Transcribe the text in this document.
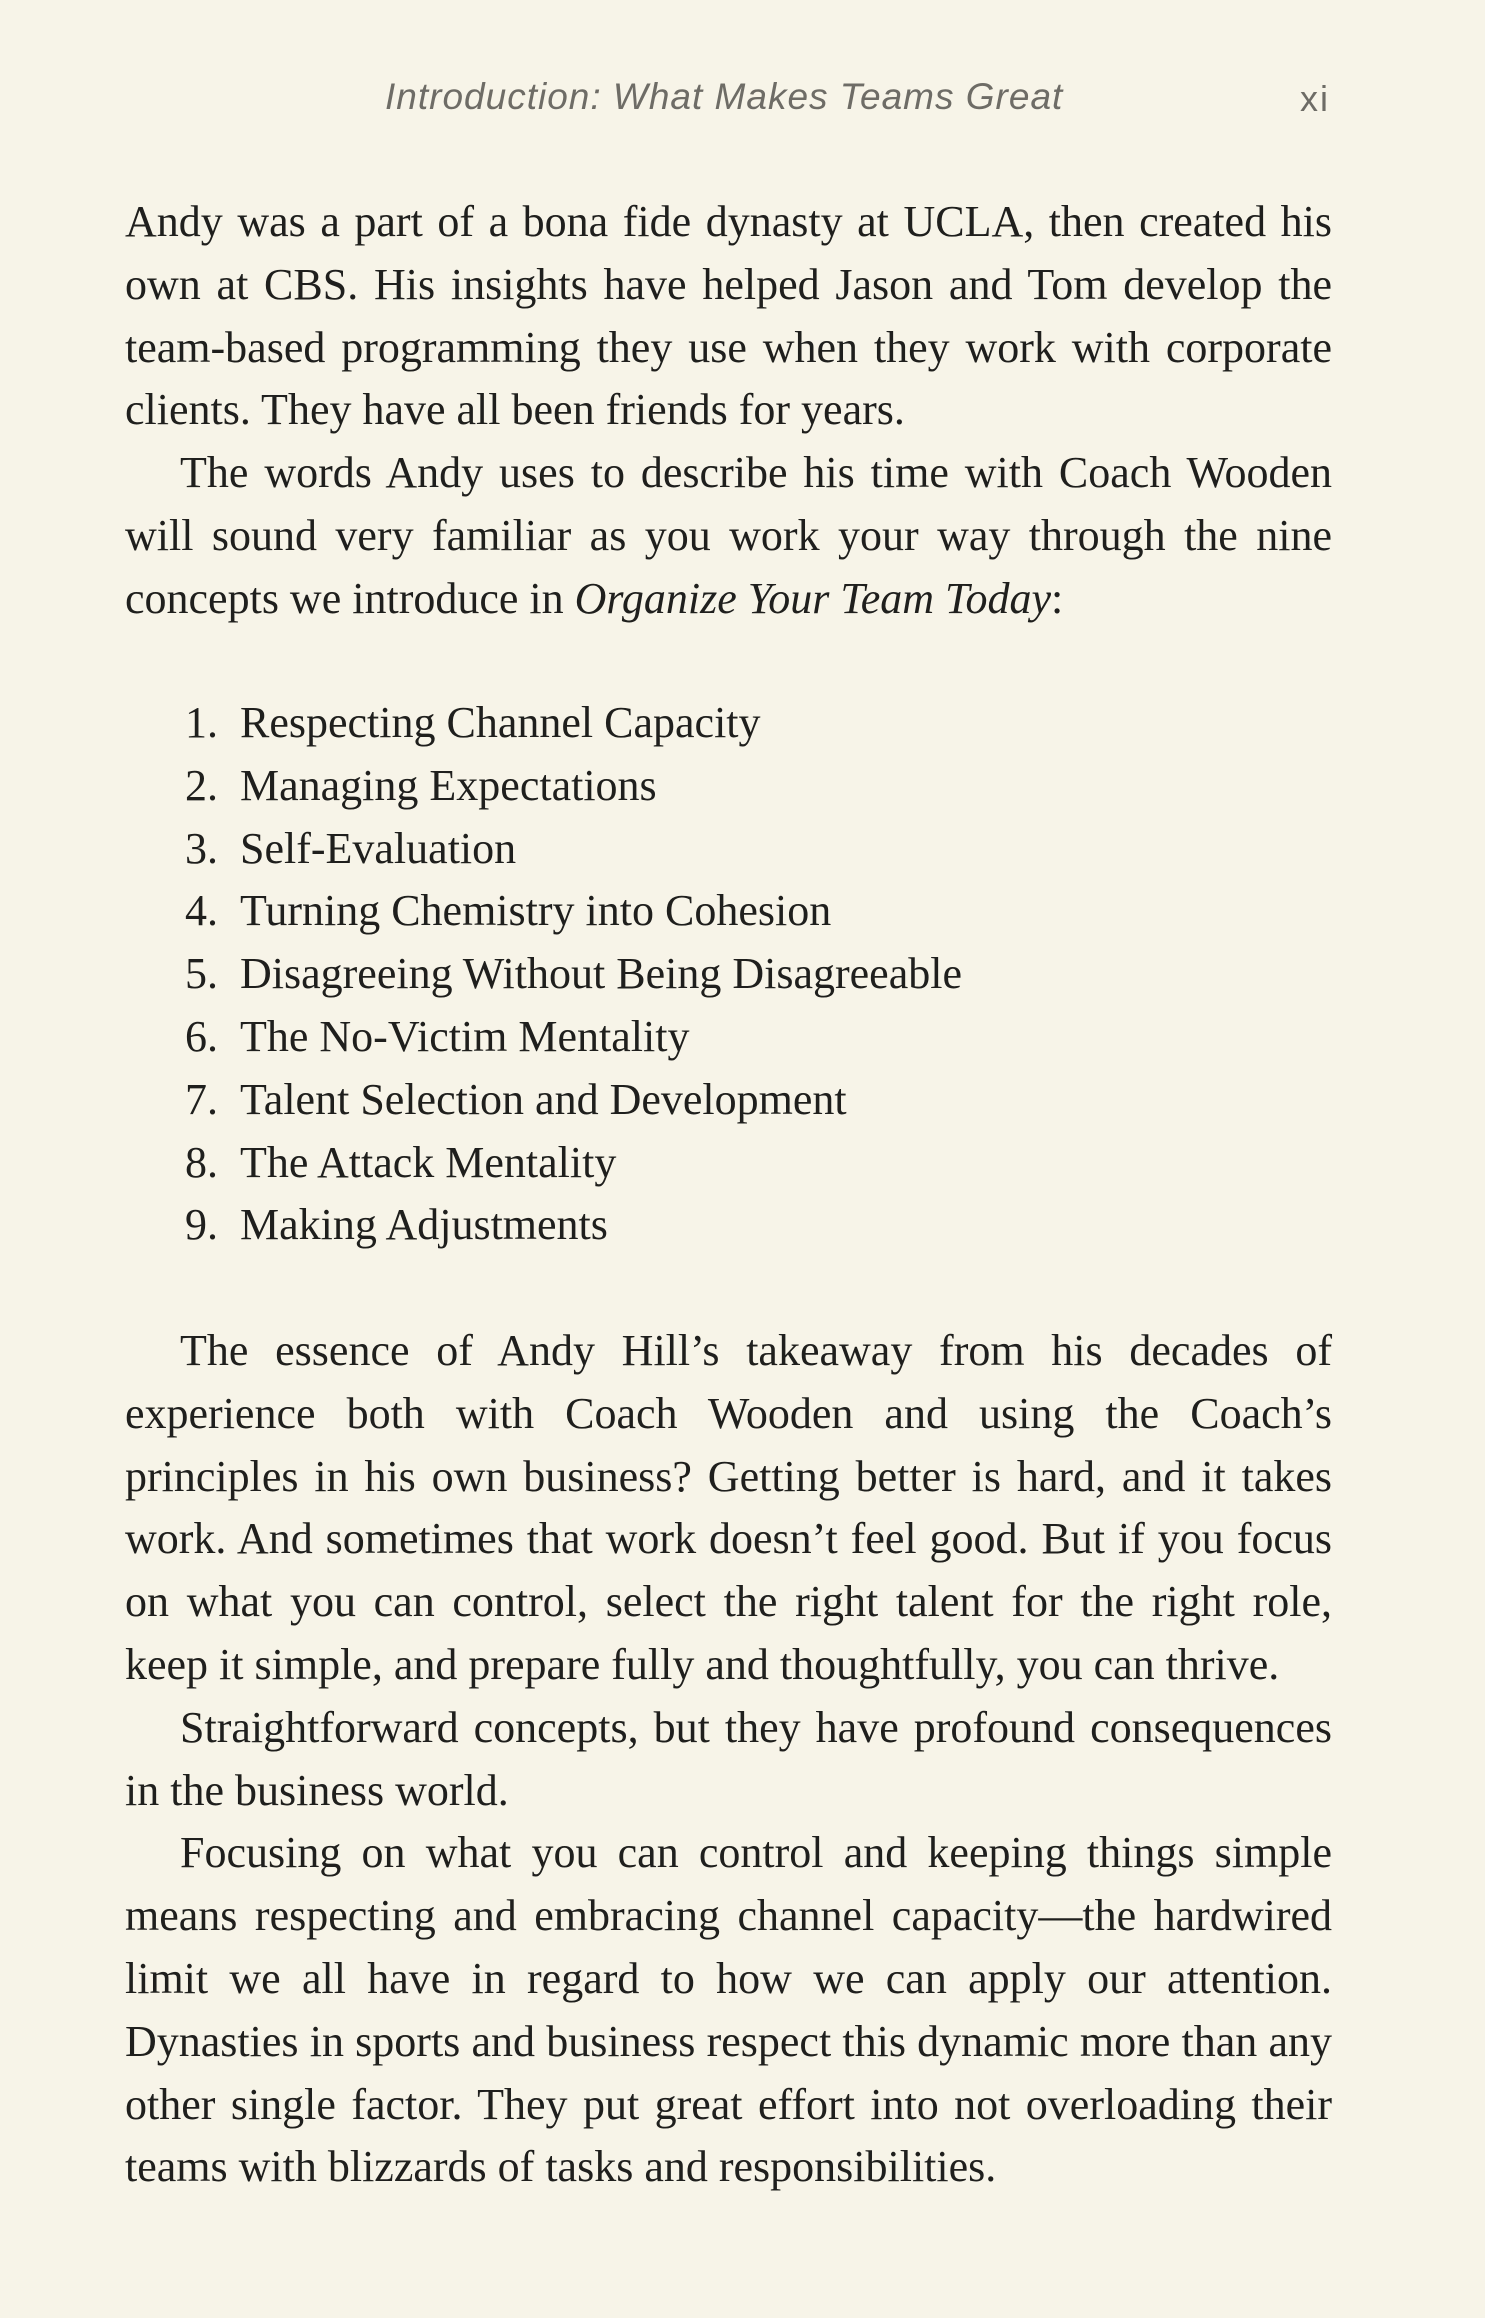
Introduction: What Makes Teams Great	xi

Andy was a part of a bona fide dynasty at UCLA, then created his own at CBS. His insights have helped Jason and Tom develop the team-based programming they use when they work with corporate clients. They have all been friends for years.

The words Andy uses to describe his time with Coach Wooden will sound very familiar as you work your way through the nine concepts we introduce in Organize Your Team Today:

1. Respecting Channel Capacity
2. Managing Expectations
3. Self-Evaluation
4. Turning Chemistry into Cohesion
5. Disagreeing Without Being Disagreeable
6. The No-Victim Mentality
7. Talent Selection and Development
8. The Attack Mentality
9. Making Adjustments

The essence of Andy Hill’s takeaway from his decades of experience both with Coach Wooden and using the Coach’s principles in his own business? Getting better is hard, and it takes work. And sometimes that work doesn’t feel good. But if you focus on what you can control, select the right talent for the right role, keep it simple, and prepare fully and thoughtfully, you can thrive.

Straightforward concepts, but they have profound consequences in the business world.

Focusing on what you can control and keeping things simple means respecting and embracing channel capacity—the hardwired limit we all have in regard to how we can apply our attention. Dynasties in sports and business respect this dynamic more than any other single factor. They put great effort into not overloading their teams with blizzards of tasks and responsibilities.
